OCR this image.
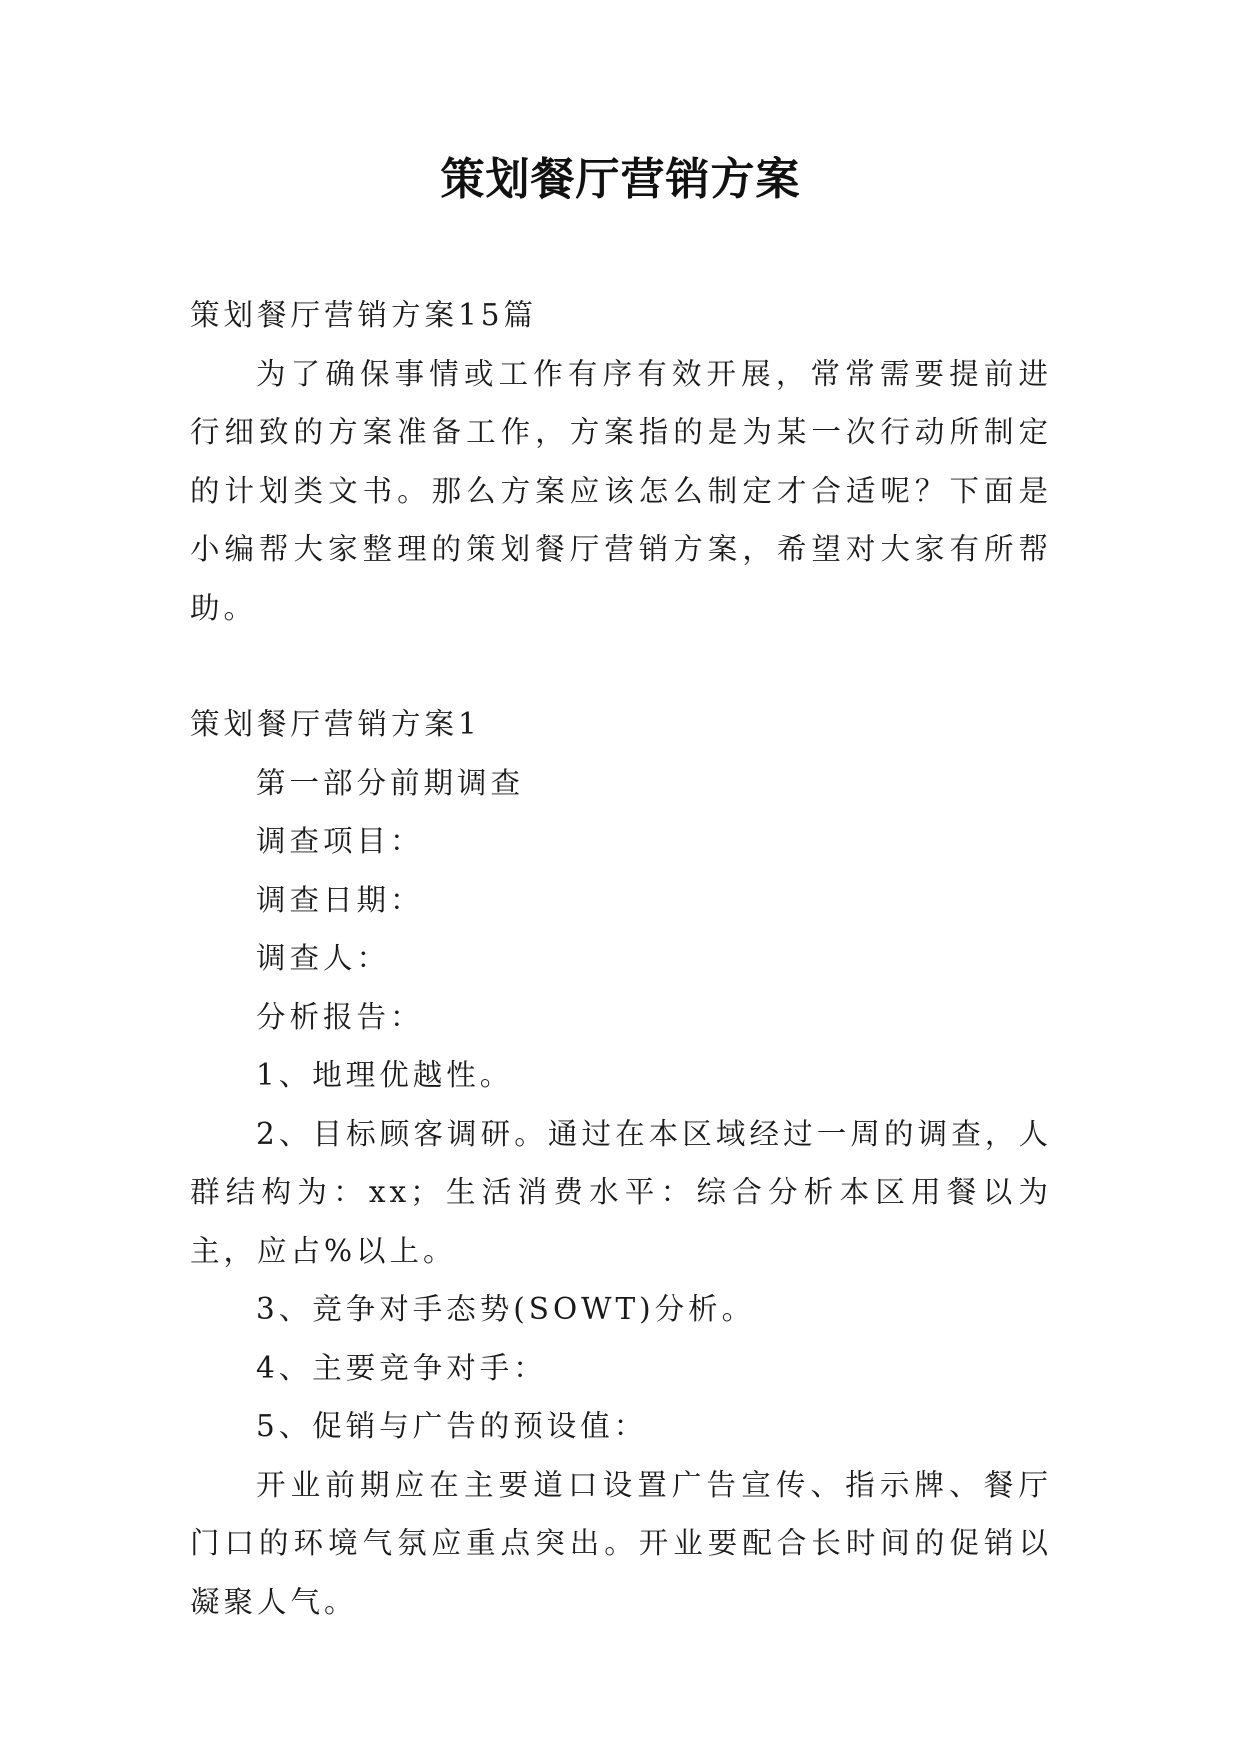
策划餐厅营销方案

策划餐厅营销方案15篇

为了确保事情或工作有序有效开展，常常需要提前进行细致的方案准备工作，方案指的是为某一次行动所制定的计划类文书。那么方案应该怎么制定才合适呢？下面是小编帮大家整理的策划餐厅营销方案，希望对大家有所帮助。

策划餐厅营销方案1

第一部分前期调查

调查项目：

调查日期：

调查人：

分析报告：

1、地理优越性。

2、目标顾客调研。通过在本区域经过一周的调查，人群结构为：xx；生活消费水平：综合分析本区用餐以为主，应占%以上。

3、竞争对手态势(SOWT)分析。

4、主要竞争对手：

5、促销与广告的预设值：

开业前期应在主要道口设置广告宣传、指示牌、餐厅门口的环境气氛应重点突出。开业要配合长时间的促销以凝聚人气。
